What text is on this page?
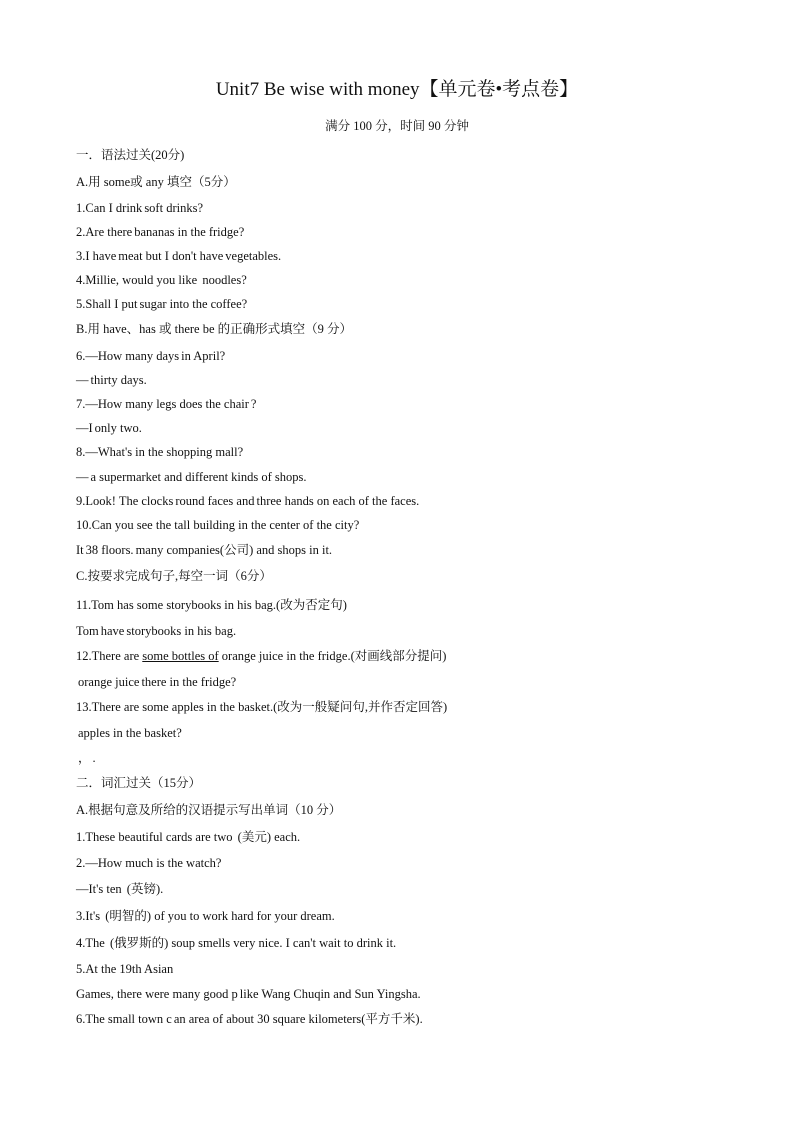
Unit7 Be wise with money【单元卷•考点卷】
满分 100 分，时间 90 分钟
一．语法过关(20分)
A.用 some或 any 填空（5分）
1.Can I drink soft drinks?
2.Are there bananas in the fridge?
3.I have meat but I don't have vegetables.
4.Millie, would you like noodles?
5.Shall I put sugar into the coffee?
B.用 have、has 或 there be 的正确形式填空（9 分）
6.—How many days in April?
— thirty days.
7.—How many legs does the chair ?
—I only two.
8.—What's in the shopping mall?
— a supermarket and different kinds of shops.
9.Look! The clocks round faces and three hands on each of the faces.
10.Can you see the tall building in the center of the city?
It 38 floors. many companies(公司) and shops in it.
C.按要求完成句子,每空一词（6分）
11.Tom has some storybooks in his bag.(改为否定句)
Tom have storybooks in his bag.
12.There are some bottles of orange juice in the fridge.(对画线部分提问)
orange juice there in the fridge?
13.There are some apples in the basket.(改为一般疑问句,并作否定回答)
apples in the basket?
， .
二．词汇过关（15分）
A.根据句意及所给的汉语提示写出单词（10 分）
1.These beautiful cards are two (美元) each.
2.—How much is the watch?
—It's ten (英镑).
3.It's (明智的) of you to work hard for your dream.
4.The (俄罗斯的) soup smells very nice. I can't wait to drink it.
5.At the 19th Asian
Games, there were many good p like Wang Chuqin and Sun Yingsha.
6.The small town c an area of about 30 square kilometers(平方千米).
